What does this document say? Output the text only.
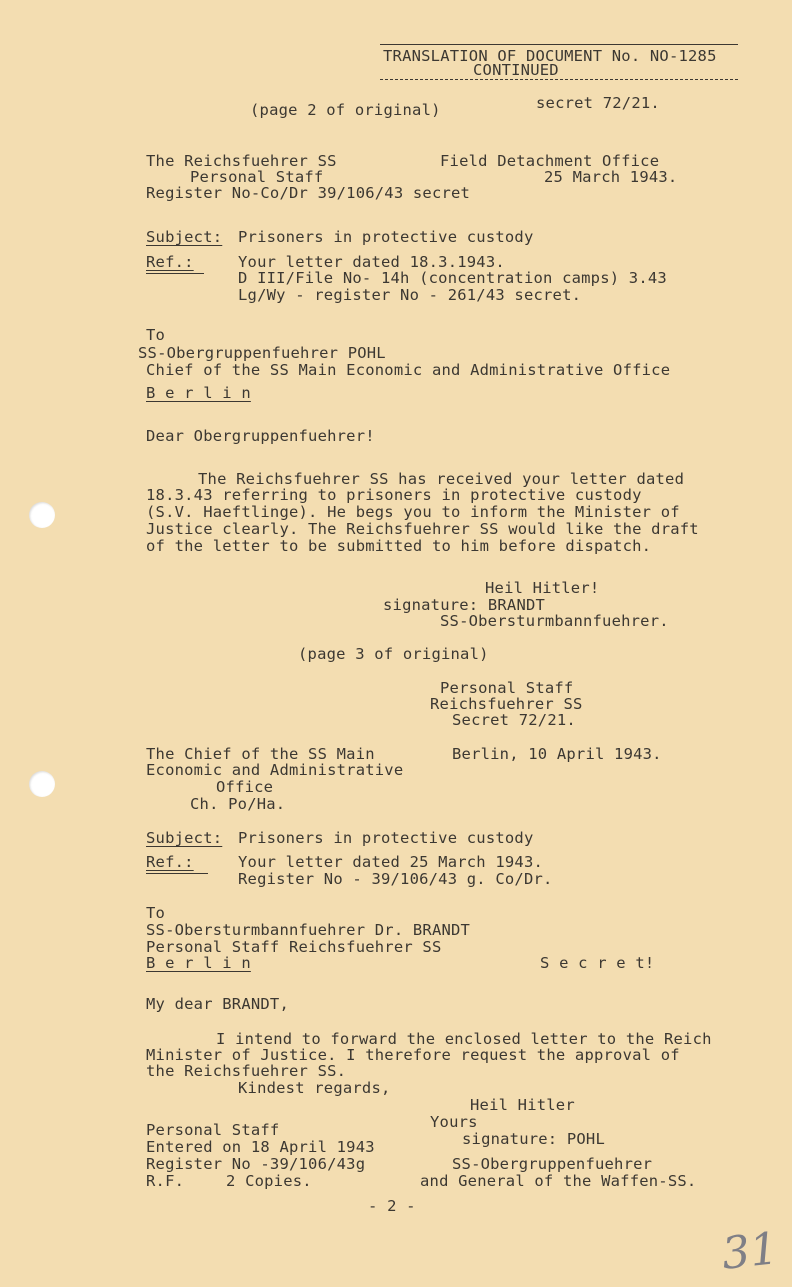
TRANSLATION OF DOCUMENT No. NO-1285
CONTINUED
(page 2 of original)	secret 72/21.
The Reichsfuehrer SS
Personal Staff
Register No-Co/Dr 39/106/43 secret
Field Detachment Office
25 March 1943.
Subject: Prisoners in protective custody
Ref.:	Your letter dated 18.3.1943.
D III/File No- 14h (concentration camps) 3.43
Lg/Wy - register No - 261/43 secret.
To
SS-Obergruppenfuehrer POHL
Chief of the SS Main Economic and Administrative Office
B e r l i n
Dear Obergruppenfuehrer!
The Reichsfuehrer SS has received your letter dated
18.3.43 referring to prisoners in protective custody
(S.V. Haeftlinge). He begs you to inform the Minister of
Justice clearly. The Reichsfuehrer SS would like the draft
of the letter to be submitted to him before dispatch.
Heil Hitler!
signature: BRANDT
SS-Obersturmbannfuehrer.
(page 3 of original)
Personal Staff
Reichsfuehrer SS
Secret 72/21.
The Chief of the SS Main
Economic and Administrative
Office
Ch. Po/Ha.
Berlin, 10 April 1943.
Subject: Prisoners in protective custody
Ref.:	Your letter dated 25 March 1943.
Register No - 39/106/43 g. Co/Dr.
To
SS-Obersturmbannfuehrer Dr. BRANDT
Personal Staff Reichsfuehrer SS
B e r l i n	S e c r e t!
My dear BRANDT,
I intend to forward the enclosed letter to the Reich
Minister of Justice. I therefore request the approval of
the Reichsfuehrer SS.
Kindest regards,
Heil Hitler
Yours
signature: POHL
SS-Obergruppenfuehrer
and General of the Waffen-SS.
Personal Staff
Entered on 18 April 1943
Register No -39/106/43g
R.F.	2 Copies.
- 2 -
31
